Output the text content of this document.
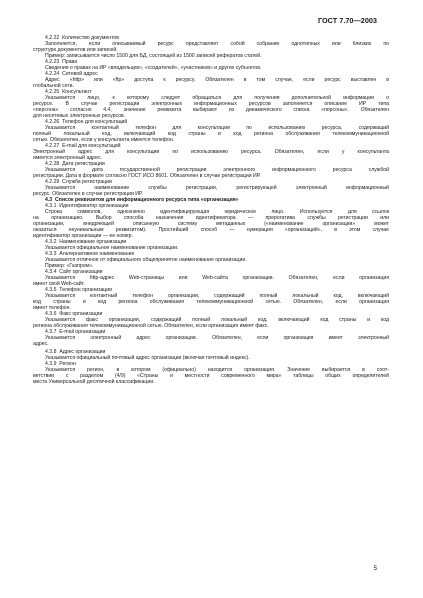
ГОСТ 7.70—2003
4.2.22  Количество документов
Заполняется, если описываемый ресурс представляет собой собрание однотипных или близких по
структуре документов или записей.
Пример: записывается число 1500 для БД, состоящей из 1500 записей рефератов статей.
4.2.23  Права
Сведения о правах на ИР «владельцев», «создателей», «участников» и других субъектов.
4.2.24  Сетевой адрес
Адрес «http» или «ftp» доступа к ресурсу. Обязателен в том случае, если ресурс выставлен в
глобальной сети.
4.2.25  Консультант
Указывается лицо, к которому следует обращаться для получения дополнительной информации о
ресурсе. В случае регистрации электронных информационных ресурсов заполняется описание ИР типа
«персона» согласно 4.4, значение реквизита выбирают из динамического списка «персоны». Обязателен
для несетевых электронных ресурсов.
4.2.26  Телефон для консультаций
Указывается контактный телефон для консультации по использованию ресурса, содержащий
полный локальный код, включающий код страны и код региона обслуживания телекоммуникационной
сетью. Обязателен, если у консультанта имеется телефон.
4.2.27  E-mail для консультаций
Электронный адрес для консультации по использованию ресурса. Обязателен, если у консультанта
имеется электронный адрес.
4.2.28  Дата регистрации
Указывается дата государственной регистрации электронного информационного ресурса службой
регистрации. Дата в формате согласно ГОСТ ИСО 8601. Обязателен в случае регистрации ИР.
4.2.29  Служба регистрации
Указывается наименование службы регистрации, регистрирующей электронный информационный
ресурс. Обязателен в случае регистрации ИР.
4.3  Список реквизитов для информационного ресурса типа «организация»
4.3.1  Идентификатор организации
Строка символов, однозначно идентифицирующая юридическое лицо. Используется для ссылок
на организацию. Выбор способа назначения идентификатора — прерогатива службы регистрации или
организации, внедряющей описанную систему метаданных («наименование организации» может
оказаться неуникальным реквизитом). Простейший способ — нумерация «организаций», в этом случае
идентификатор организации — ее номер.
4.3.2  Наименование организации
Указывается официальное наименование организации.
4.3.3  Альтернативное наименование
Указывается отличное от официального общепринятое наименование организации.
Пример: «Газпром».
4.3.4  Сайт организации
Указывается http-адрес Web-страницы или Web-сайта организации. Обязателен, если организация
имеет свой Web-сайт.
4.3.5  Телефон организации
Указывается контактный телефон организации, содержащий полный локальный код, включающий
код страны и код региона обслуживания телекоммуникационной сетью. Обязателен, если организация
имеет телефон.
4.3.6  Факс организации
Указывается факс организации, содержащий полный локальный код, включающий код страны и код
региона обслуживания телекоммуникационной сетью. Обязателен, если организация имеет факс.
4.3.7  E-mail организации
Указывается электронный адрес организации. Обязателен, если организация имеет электронный
адрес.
4.3.8  Адрес организации
Указывается официальный почтовый адрес организации (включая почтовый индекс).
4.3.9  Регион
Указывается регион, в котором (официально) находится организация. Значение выбирается в соот-
ветствии с разделом (4/9) «Страны и местности современного мира» таблицы общих определителей
места Универсальной десятичной классификации.
5
